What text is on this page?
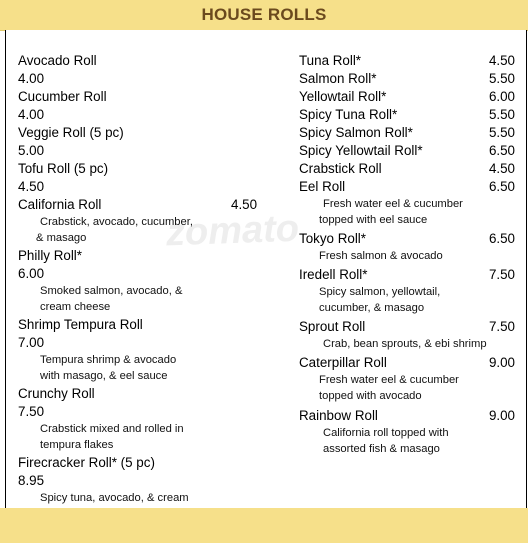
HOUSE ROLLS
zomato
Avocado Roll
4.00
Cucumber Roll
4.00
Veggie Roll (5 pc)
5.00
Tofu Roll (5 pc)
4.50
California Roll	4.50
Crabstick, avocado, cucumber,
& masago
Philly Roll*
6.00
Smoked salmon, avocado, &
cream cheese
Shrimp Tempura Roll
7.00
Tempura shrimp & avocado
with masago, & eel sauce
Crunchy Roll
7.50
Crabstick mixed and rolled in
tempura flakes
Firecracker Roll* (5 pc)
8.95
Spicy tuna, avocado, & cream
Tuna Roll*	4.50
Salmon Roll*	5.50
Yellowtail Roll*	6.00
Spicy Tuna Roll*	5.50
Spicy Salmon Roll*	5.50
Spicy Yellowtail Roll*	6.50
Crabstick Roll	4.50
Eel Roll	6.50
Fresh water eel & cucumber
topped with eel sauce
Tokyo Roll*	6.50
Fresh salmon & avocado
Iredell Roll*	7.50
Spicy salmon, yellowtail,
cucumber, & masago
Sprout Roll	7.50
Crab, bean sprouts, & ebi shrimp
Caterpillar Roll	9.00
Fresh water eel & cucumber
topped with avocado
Rainbow Roll	9.00
California roll topped with
assorted fish & masago
